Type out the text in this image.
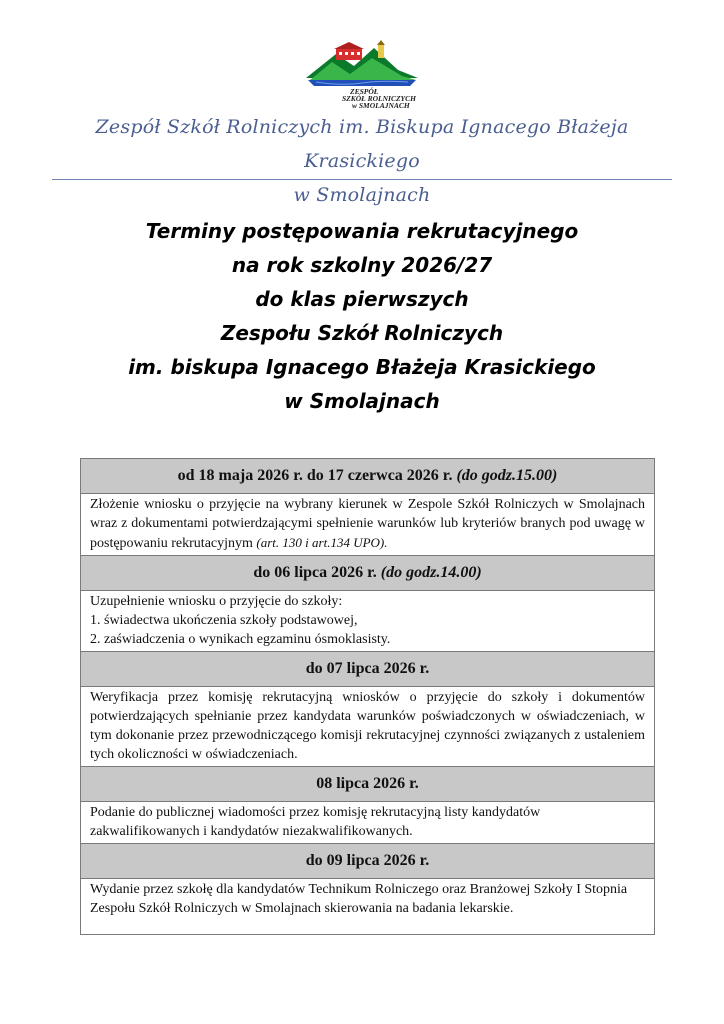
ZESPÓŁ
SZKÓŁ ROLNICZYCH
w SMOLAJNACH
Zespół Szkół Rolniczych im. Biskupa Ignacego Błażeja Krasickiego
w Smolajnach
Terminy postępowania rekrutacyjnego
na rok szkolny 2026/27
do klas pierwszych
Zespołu Szkół Rolniczych
im. biskupa Ignacego Błażeja Krasickiego
w Smolajnach
od 18 maja 2026 r. do 17 czerwca 2026 r. (do godz.15.00)
Złożenie wniosku o przyjęcie na wybrany kierunek w Zespole Szkół Rolniczych w Smolajnach wraz z dokumentami potwierdzającymi spełnienie warunków lub kryteriów branych pod uwagę w postępowaniu rekrutacyjnym (art. 130 i art.134 UPO).
do 06 lipca 2026 r. (do godz.14.00)

Uzupełnienie wniosku o przyjęcie do szkoły:
1. świadectwa ukończenia szkoły podstawowej,
2. zaświadczenia o wynikach egzaminu ósmoklasisty.

do 07 lipca 2026 r.
Weryfikacja przez komisję rekrutacyjną wniosków o przyjęcie do szkoły i dokumentów potwierdzających spełnianie przez kandydata warunków poświadczonych w oświadczeniach, w tym dokonanie przez przewodniczącego komisji rekrutacyjnej czynności związanych z ustaleniem tych okoliczności w oświadczeniach.
08 lipca 2026 r.
Podanie do publicznej wiadomości przez komisję rekrutacyjną listy kandydatów zakwalifikowanych i kandydatów niezakwalifikowanych.
do 09 lipca 2026 r.
Wydanie przez szkołę dla kandydatów Technikum Rolniczego oraz Branżowej Szkoły I Stopnia Zespołu Szkół Rolniczych w Smolajnach skierowania na badania lekarskie.
